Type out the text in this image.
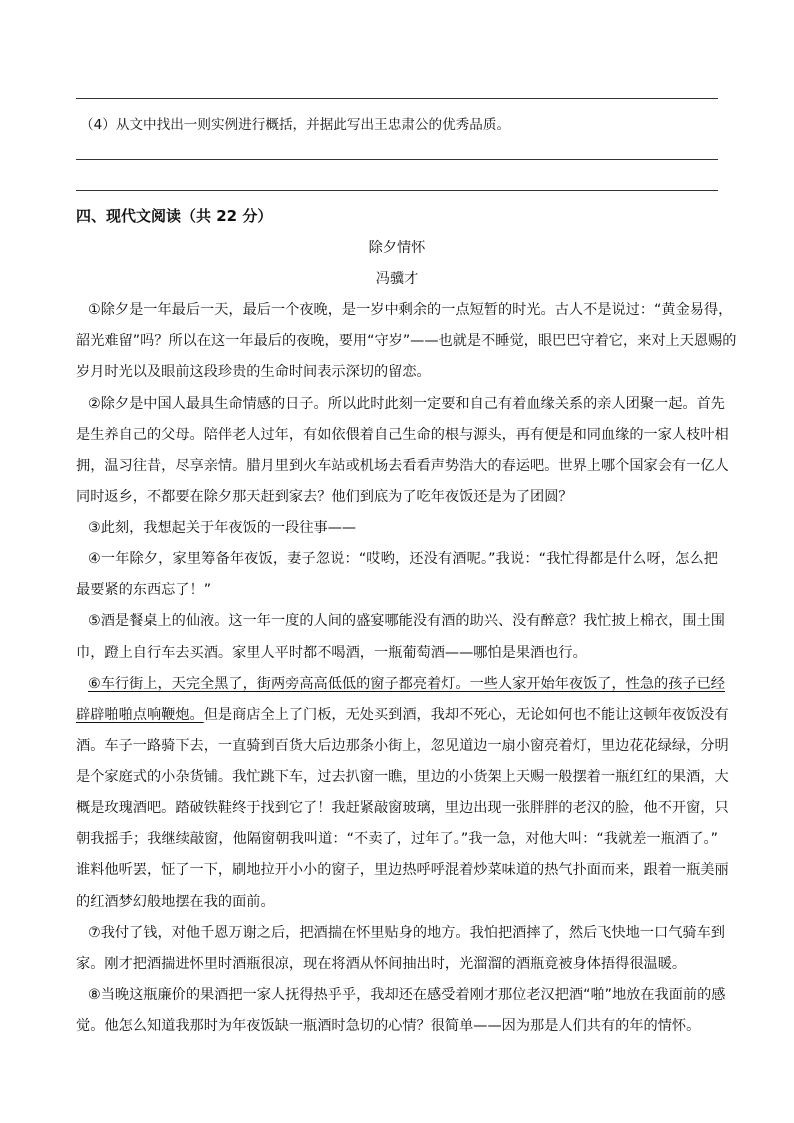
（4）从文中找出一则实例进行概括，并据此写出王忠肃公的优秀品质。
四、现代文阅读（共 22 分）
除夕情怀
冯骥才
①除夕是一年最后一天，最后一个夜晚，是一岁中剩余的一点短暂的时光。古人不是说过：“黄金易得，
韶光难留”吗？所以在这一年最后的夜晚，要用“守岁”——也就是不睡觉，眼巴巴守着它，来对上天恩赐的
岁月时光以及眼前这段珍贵的生命时间表示深切的留恋。
②除夕是中国人最具生命情感的日子。所以此时此刻一定要和自己有着血缘关系的亲人团聚一起。首先
是生养自己的父母。陪伴老人过年，有如依偎着自己生命的根与源头，再有便是和同血缘的一家人枝叶相
拥，温习往昔，尽享亲情。腊月里到火车站或机场去看看声势浩大的春运吧。世界上哪个国家会有一亿人
同时返乡，不都要在除夕那天赶到家去？他们到底为了吃年夜饭还是为了团圆？
③此刻，我想起关于年夜饭的一段往事——
④一年除夕，家里筹备年夜饭，妻子忽说：“哎哟，还没有酒呢。”我说：“我忙得都是什么呀，怎么把
最要紧的东西忘了！”
⑤酒是餐桌上的仙液。这一年一度的人间的盛宴哪能没有酒的助兴、没有醉意？我忙披上棉衣，围土围
巾，蹬上自行车去买酒。家里人平时都不喝酒，一瓶葡萄酒——哪怕是果酒也行。
⑥车行街上，天完全黑了，街两旁高高低低的窗子都亮着灯。一些人家开始年夜饭了，性急的孩子已经
辟辟啪啪点响鞭炮。但是商店全上了门板，无处买到酒，我却不死心，无论如何也不能让这顿年夜饭没有
酒。车子一路骑下去，一直骑到百货大后边那条小街上，忽见道边一扇小窗亮着灯，里边花花绿绿，分明
是个家庭式的小杂货铺。我忙跳下车，过去扒窗一瞧，里边的小货架上天赐一般摆着一瓶红红的果酒，大
概是玫瑰酒吧。踏破铁鞋终于找到它了！我赶紧敲窗玻璃，里边出现一张胖胖的老汉的脸，他不开窗，只
朝我摇手；我继续敲窗，他隔窗朝我叫道：“不卖了，过年了。”我一急，对他大叫：“我就差一瓶酒了。”
谁料他听罢，怔了一下，刷地拉开小小的窗子，里边热呼呼混着炒菜味道的热气扑面而来，跟着一瓶美丽
的红酒梦幻般地摆在我的面前。
⑦我付了钱，对他千恩万谢之后，把酒揣在怀里贴身的地方。我怕把酒摔了，然后飞快地一口气骑车到
家。刚才把酒揣进怀里时酒瓶很凉，现在将酒从怀间抽出时，光溜溜的酒瓶竟被身体捂得很温暖。
⑧当晚这瓶廉价的果酒把一家人抚得热乎乎，我却还在感受着刚才那位老汉把酒“啪”地放在我面前的感
觉。他怎么知道我那时为年夜饭缺一瓶酒时急切的心情？很简单——因为那是人们共有的年的情怀。
